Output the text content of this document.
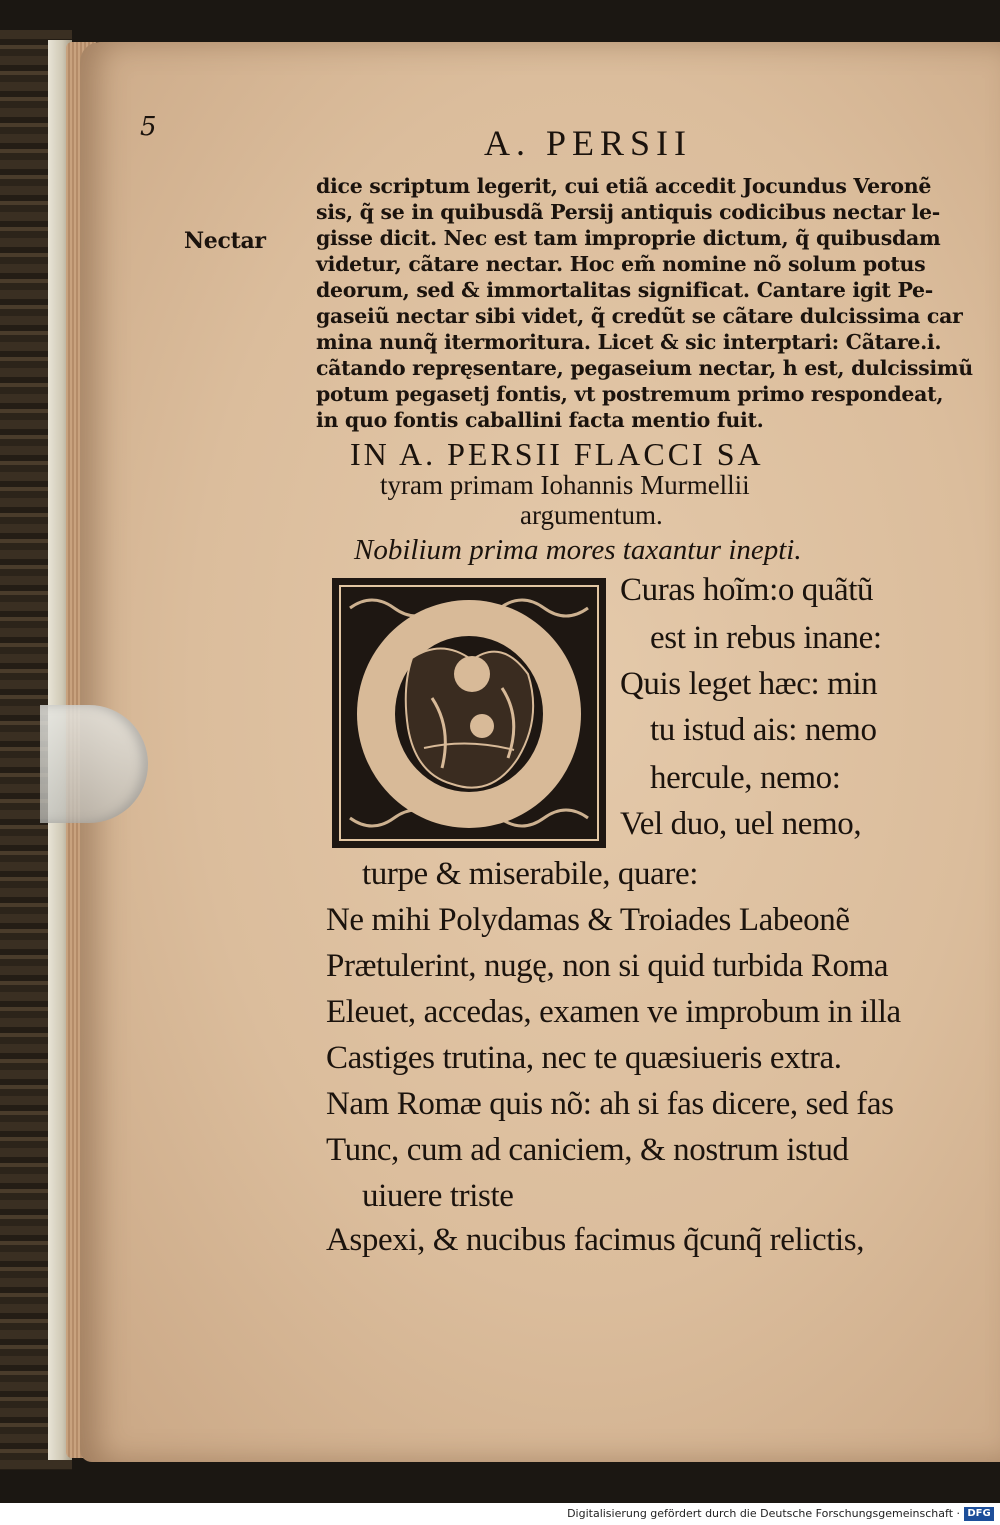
5	A. PERSII
Nectar
dice scriptum legerit, cui etiã accedit Jocundus Veronẽ
sis, q̃ se in quibusdã Persij antiquis codicibus nectar le-
gisse dicit. Nec est tam improprie dictum, q̃ quibusdam
videtur, cãtare nectar. Hoc em̃ nomine nõ solum potus
deorum, sed & immortalitas significat. Cantare igit Pe-
gaseiũ nectar sibi videt, q̃ credũt se cãtare dulcissima car
mina nunq̃ itermoritura. Licet & sic interptari: Cãtare.i.
cãtando repręsentare, pegaseium nectar, h est, dulcissimũ
potum pegasetj fontis, vt postremum primo respondeat,
in quo fontis caballini facta mentio fuit.
IN A. PERSII FLACCI SA
tyram primam Iohannis Murmellii
argumentum.
Nobilium prima mores taxantur inepti.
Curas hoĩm:o quãtũ
est in rebus inane:
Quis leget hæc: min
tu istud ais: nemo
hercule, nemo:
Vel duo, uel nemo,
turpe & miserabile, quare:
Ne mihi Polydamas & Troiades Labeonẽ
Prætulerint, nugę, non si quid turbida Roma
Eleuet, accedas, examen ve improbum in illa
Castiges trutina, nec te quæsiueris extra.
Nam Romæ quis nõ: ah si fas dicere, sed fas
Tunc, cum ad caniciem, & nostrum istud
uiuere triste
Aspexi, & nucibus facimus q̃cunq̃ relictis,
Digitalisierung gefördert durch die Deutsche Forschungsgemeinschaft · DFG
